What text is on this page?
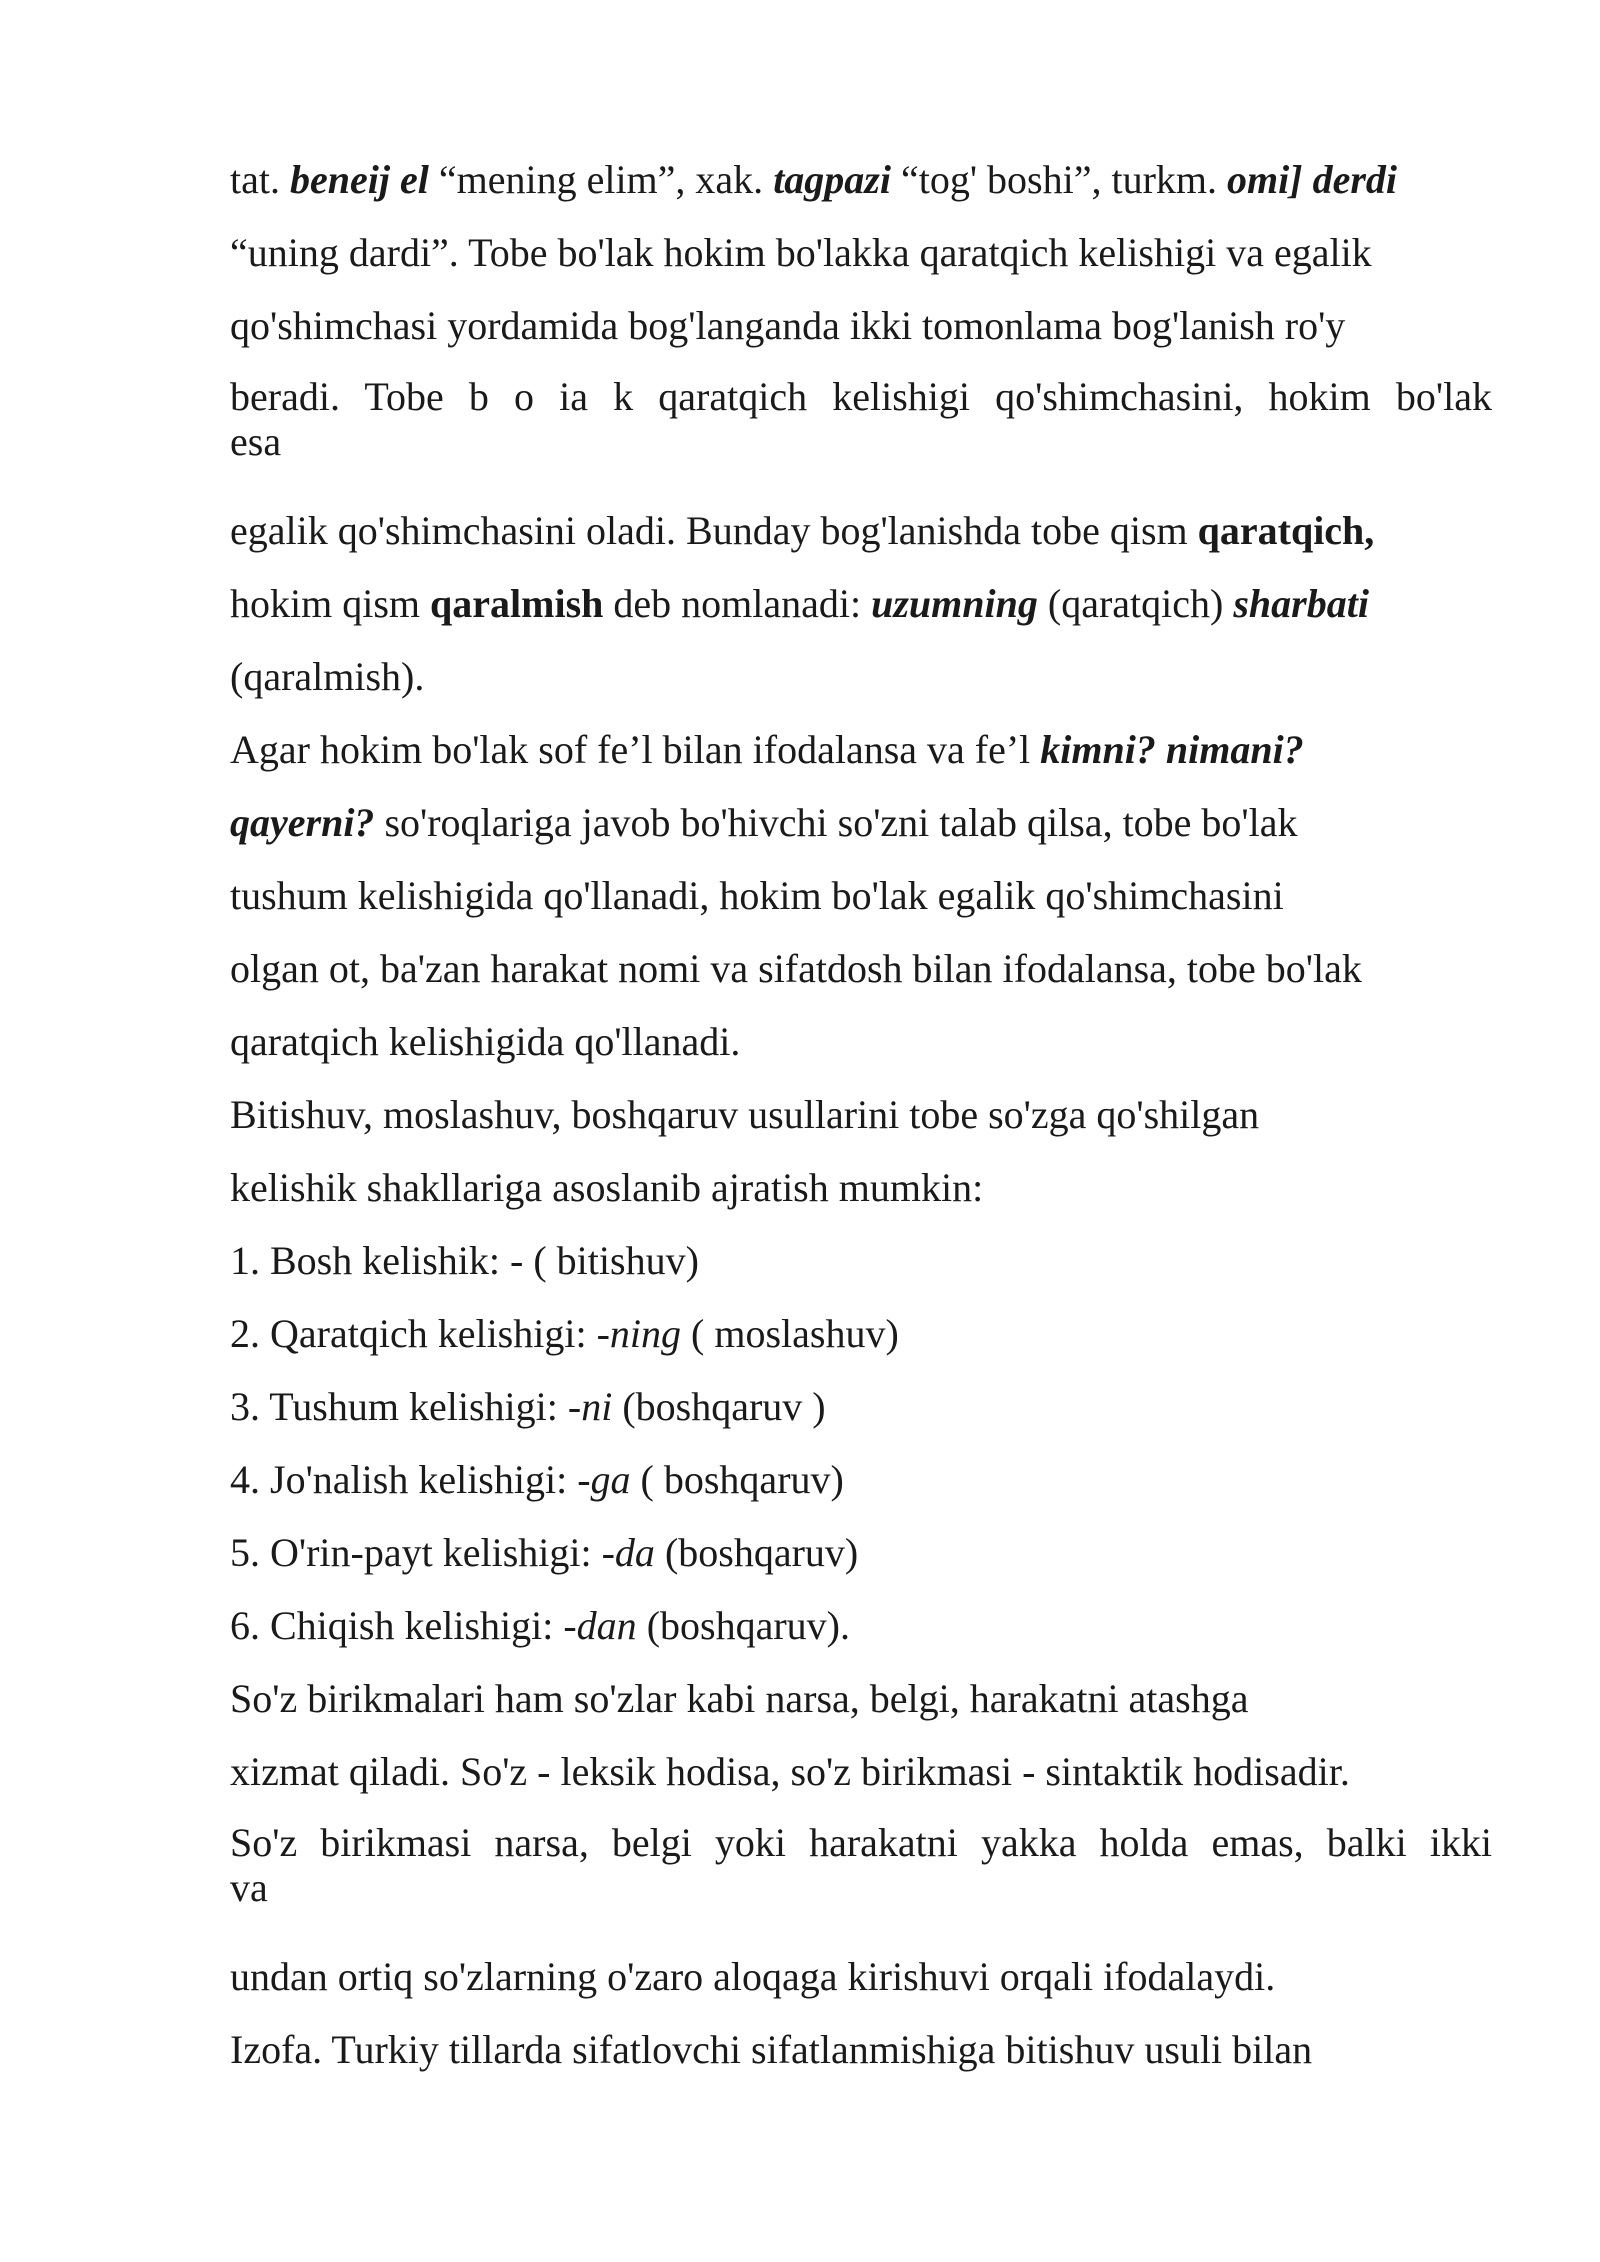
tat. beneij el “mening elim”, xak. tagpazi “tog' boshi”, turkm. omi] derdi
“uning dardi”. Tobe bo'lak hokim bo'lakka qaratqich kelishigi va egalik
qo'shimchasi yordamida bog'langanda ikki tomonlama bog'lanish ro'y
beradi. Tobe b o ia k qaratqich kelishigi qo'shimchasini, hokim bo'lak
esa
egalik qo'shimchasini oladi. Bunday bog'lanishda tobe qism qaratqich,
hokim qism qaralmish deb nomlanadi: uzumning (qaratqich) sharbati
(qaralmish).
Agar hokim bo'lak sof fe’l bilan ifodalansa va fe’l kimni? nimani?
qayerni? so'roqlariga javob bo'hivchi so'zni talab qilsa, tobe bo'lak
tushum kelishigida qo'llanadi, hokim bo'lak egalik qo'shimchasini
olgan ot, ba'zan harakat nomi va sifatdosh bilan ifodalansa, tobe bo'lak
qaratqich kelishigida qo'llanadi.
Bitishuv, moslashuv, boshqaruv usullarini tobe so'zga qo'shilgan
kelishik shakllariga asoslanib ajratish mumkin:
1. Bosh kelishik: - ( bitishuv)
2. Qaratqich kelishigi: -ning ( moslashuv)
3. Tushum kelishigi: -ni (boshqaruv )
4. Jo'nalish kelishigi: -ga ( boshqaruv)
5. O'rin-payt kelishigi: -da (boshqaruv)
6. Chiqish kelishigi: -dan (boshqaruv).
So'z birikmalari ham so'zlar kabi narsa, belgi, harakatni atashga
xizmat qiladi. So'z - leksik hodisa, so'z birikmasi - sintaktik hodisadir.
So'z birikmasi narsa, belgi yoki harakatni yakka holda emas, balki ikki
va
undan ortiq so'zlarning o'zaro aloqaga kirishuvi orqali ifodalaydi.
Izofa. Turkiy tillarda sifatlovchi sifatlanmishiga bitishuv usuli bilan
